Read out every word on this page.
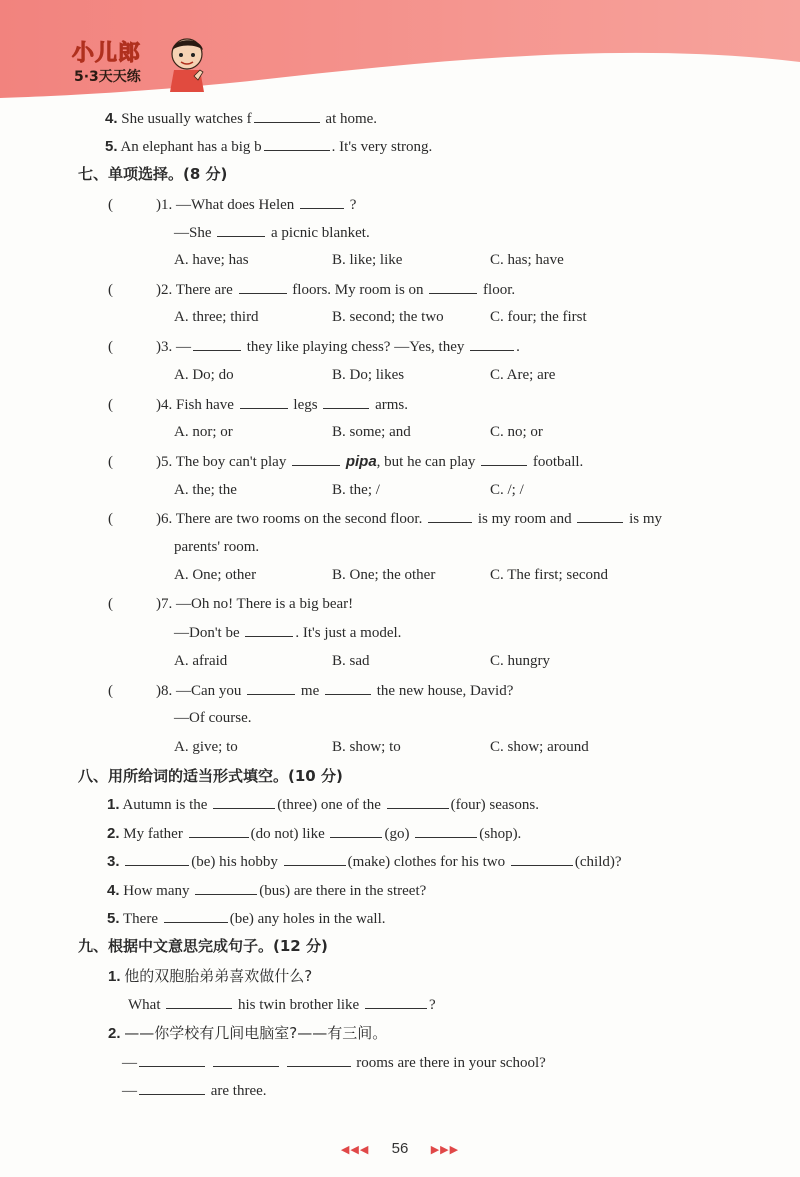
小儿郎
5·3天天练
4. She usually watches f	at home.
5. An elephant has a big b	. It's very strong.
七、单项选择。(8 分)
(	)1. —What does Helen	?
—She	a picnic blanket.
A. have; has	B. like; like	C. has; have
(	)2. There are	floors. My room is on	floor.
A. three; third	B. second; the two	C. four; the first
(	)3. —	they like playing chess? —Yes, they	.
A. Do; do	B. Do; likes	C. Are; are
(	)4. Fish have	legs	arms.
A. nor; or	B. some; and	C. no; or
(	)5. The boy can't play	pipa, but he can play	football.
A. the; the	B. the; /	C. /; /
(	)6. There are two rooms on the second floor.	is my room and	is my
parents' room.
A. One; other	B. One; the other	C. The first; second
(	)7. —Oh no! There is a big bear!
—Don't be	. It's just a model.
A. afraid	B. sad	C. hungry
(	)8. —Can you	me	the new house, David?
—Of course.
A. give; to	B. show; to	C. show; around
八、用所给词的适当形式填空。(10 分)
1. Autumn is the	(three) one of the	(four) seasons.
2. My father	(do not) like	(go)	(shop).
3.	(be) his hobby	(make) clothes for his two	(child)?
4. How many	(bus) are there in the street?
5. There	(be) any holes in the wall.
九、根据中文意思完成句子。(12 分)
1. 他的双胞胎弟弟喜欢做什么?
What	his twin brother like	?
2. ——你学校有几间电脑室?——有三间。
—	rooms are there in your school?
—	are three.
◀◀◀ 56 ▶▶▶
